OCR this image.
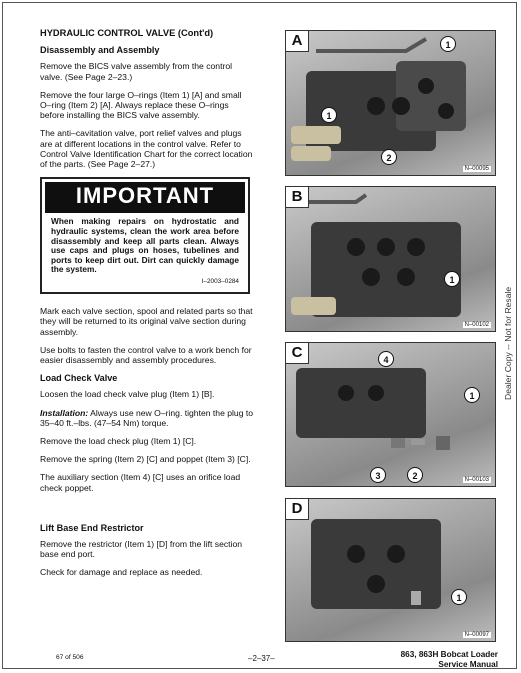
HYDRAULIC CONTROL VALVE (Cont'd)
Disassembly and Assembly

Remove the BICS valve assembly from the control valve. (See Page 2–23.)

Remove the four large O–rings (Item 1) [A] and small O–ring (Item 2) [A]. Always replace these O–rings before installing the BICS valve assembly.

The anti–cavitation valve, port relief valves and plugs are at different locations in the control valve. Refer to Control Valve Identification Chart for the correct location of the parts. (See Page 2–27.)

IMPORTANT
When making repairs on hydrostatic and hydraulic systems, clean the work area before disassembly and keep all parts clean. Always use caps and plugs on hoses, tubelines and ports to keep dirt out. Dirt can quickly damage the system.
I–2003–0284

Mark each valve section, spool and related parts so that they will be returned to its original valve section during assembly.

Use bolts to fasten the control valve to a work bench for easier disassembly and assembly procedures.

Load Check Valve

Loosen the load check valve plug (Item 1) [B].

Installation: Always use new O–ring. tighten the plug to 35–40 ft.–lbs. (47–54 Nm) torque.

Remove the load check plug (Item 1) [C].

Remove the spring (Item 2) [C] and poppet (Item 3) [C].

The auxiliary section (Item 4) [C] uses an orifice load check poppet.

Lift Base End Restrictor

Remove the restrictor (Item 1) [D] from the lift section base end port.

Check for damage and replace as needed.

A	1
1
2
N–00095
B
1
N–00102
C	4
1
3	2	N–00103
D
1
N–00097
Dealer Copy -- Not for Resale
67 of 506	–2–37–	863, 863H Bobcat Loader
Service Manual
